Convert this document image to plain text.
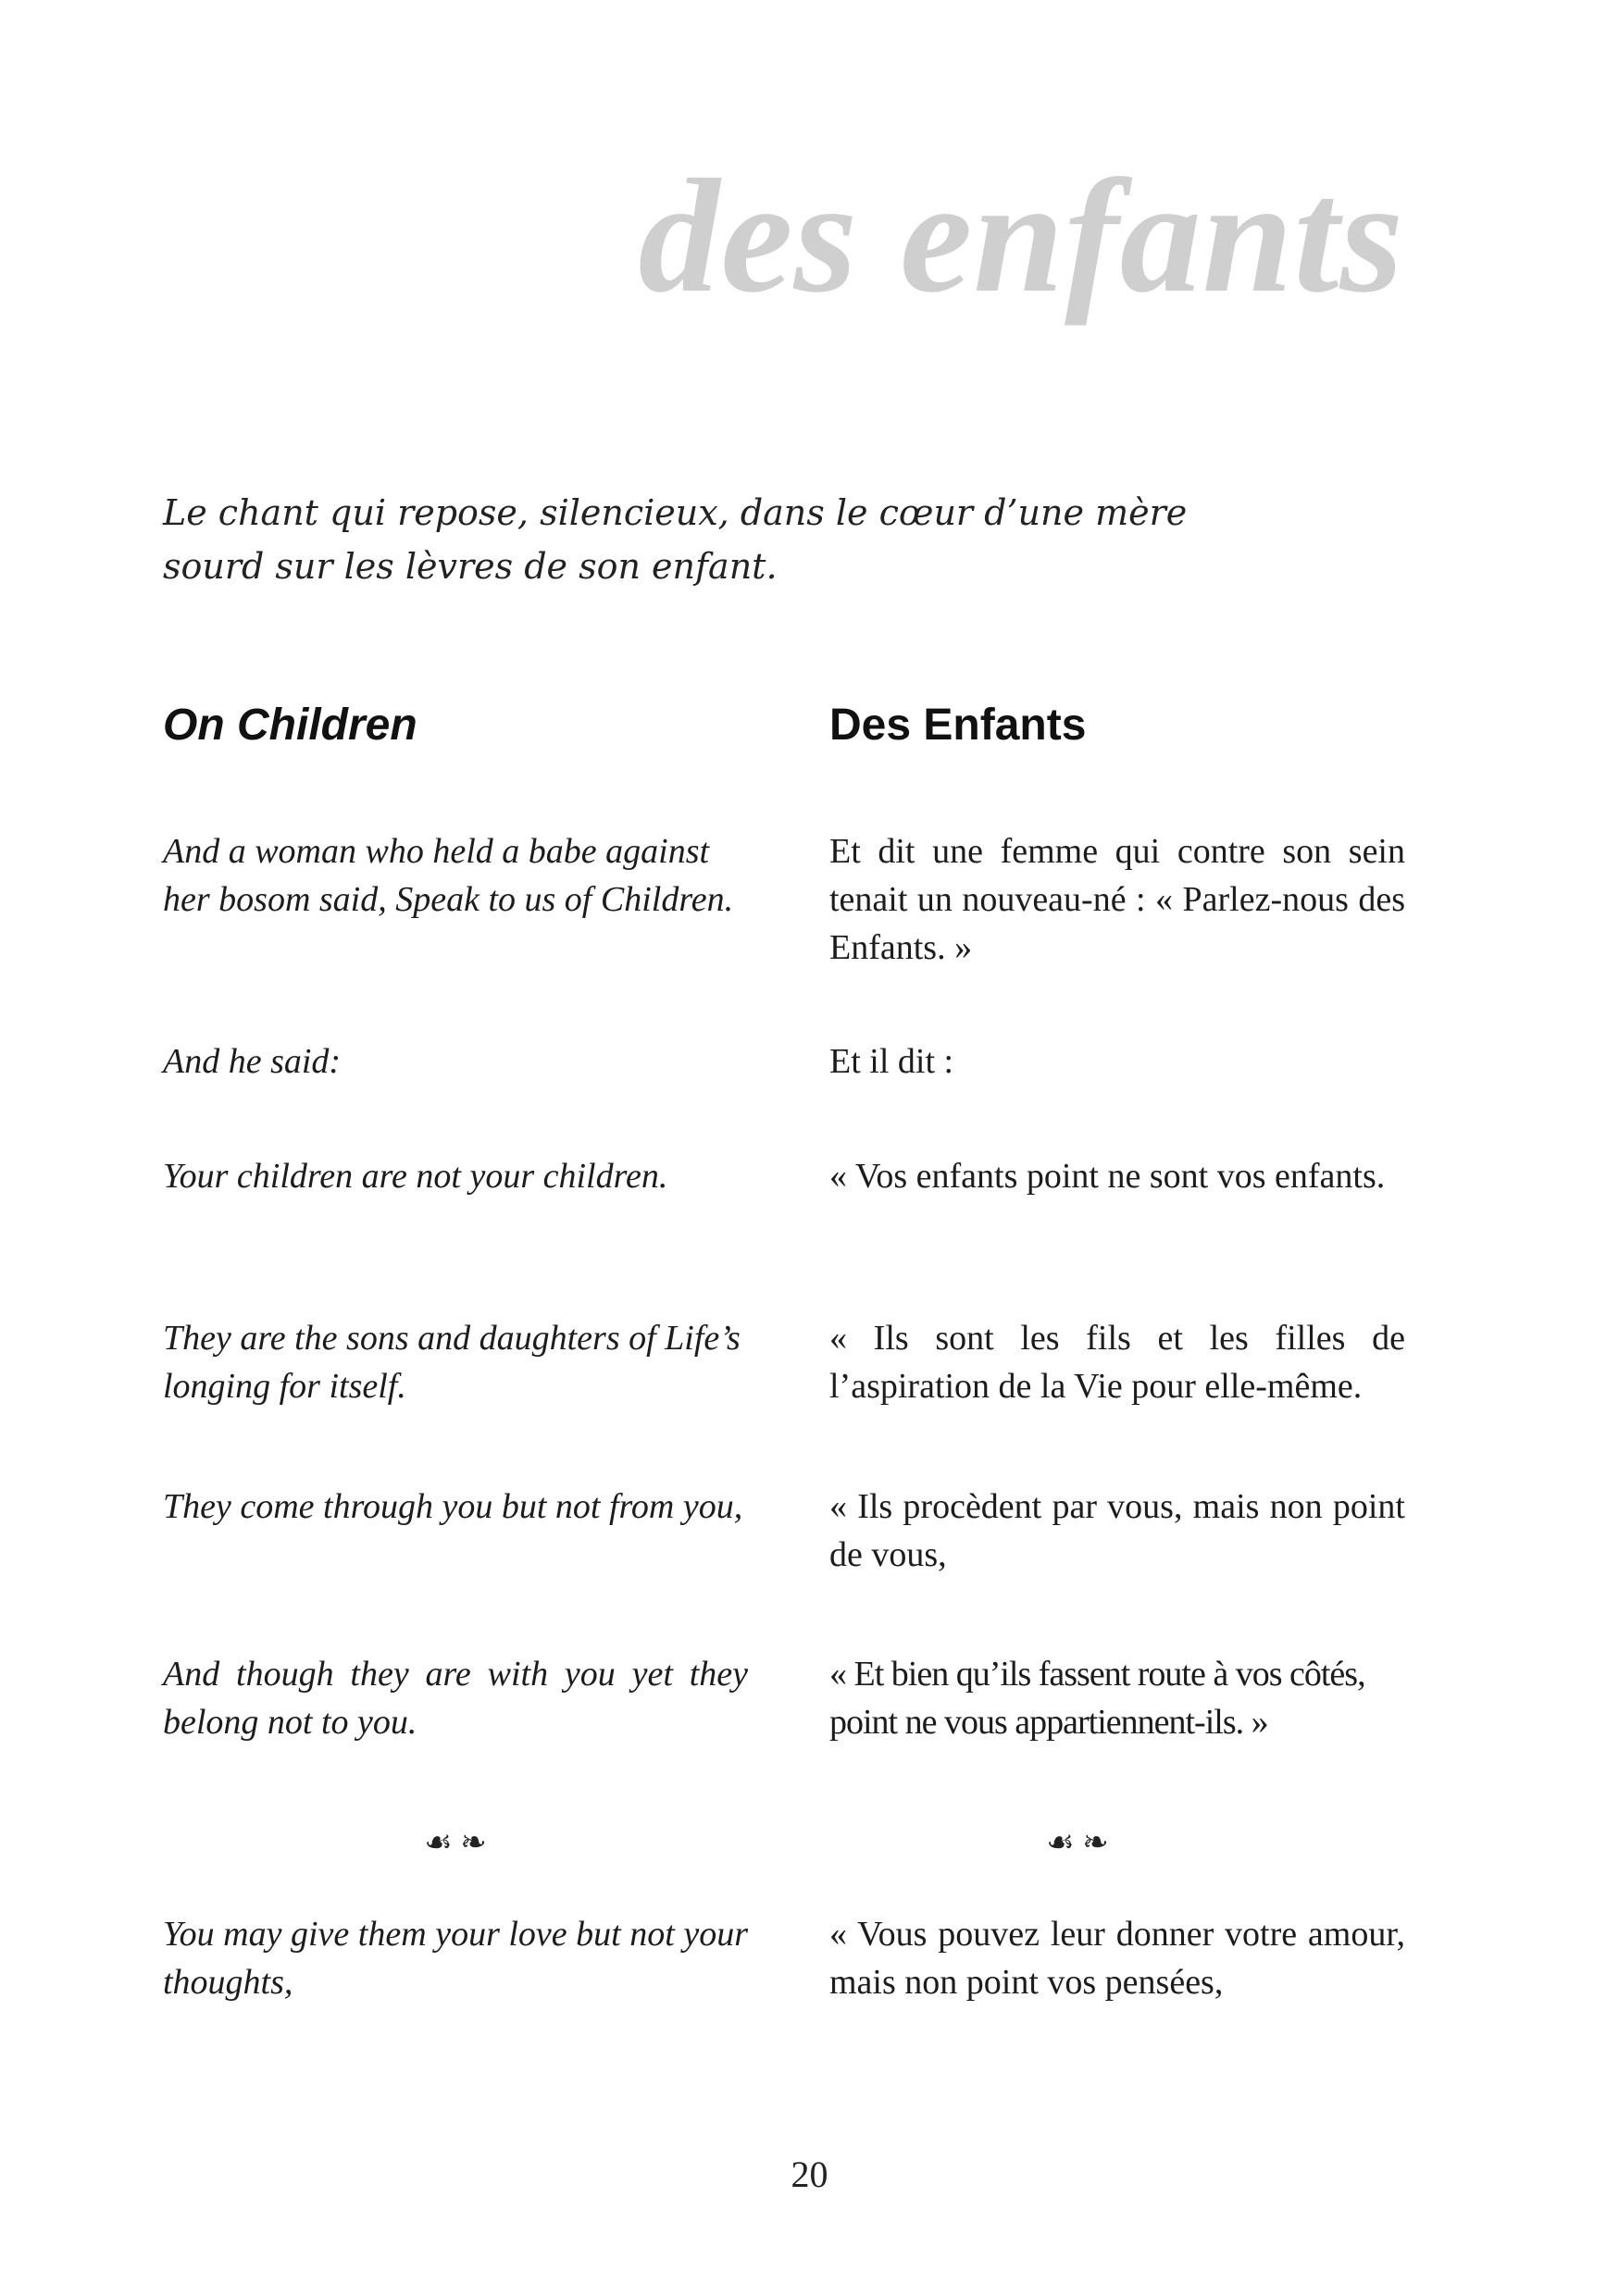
des enfants

Le chant qui repose, silencieux, dans le cœur d’une mère

sourd sur les lèvres de son enfant.

On Children	Des Enfants

And a woman who held a babe against her bosom said, Speak to us of Children.

And he said:

Your children are not your children.

They are the sons and daughters of Life’s longing for itself.

They come through you but not from you,

And though they are with you yet they belong not to you.

☙ ❧

You may give them your love but not your thoughts,

Et dit une femme qui contre son sein tenait un nouveau-né : « Parlez-nous des Enfants. »

Et il dit :

« Vos enfants point ne sont vos enfants.

« Ils sont les fils et les filles de l’aspiration de la Vie pour elle-même.

« Ils procèdent par vous, mais non point de vous,

« Et bien qu’ils fassent route à vos côtés, point ne vous appartiennent-ils. »

☙ ❧

« Vous pouvez leur donner votre amour, mais non point vos pensées,

20
